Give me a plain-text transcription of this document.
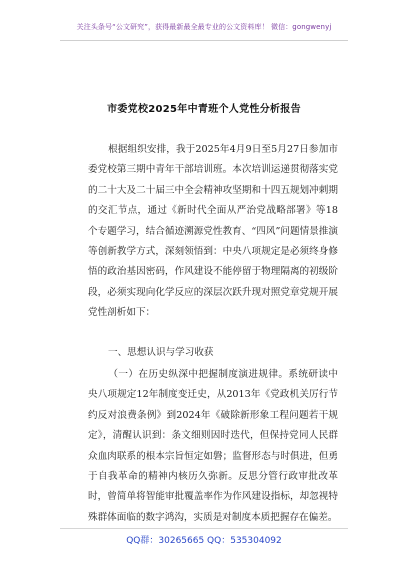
关注头条号“公文研究”，获得最新最全最专业的公文资料库！ 微信：gongwenyj
市委党校2025年中青班个人党性分析报告

根据组织安排，我于2025年4月9日至5月27日参加市委党校第三期中青年干部培训班。本次培训运递贯彻落实党的二十大及二十届三中全会精神攻坚期和十四五规划冲刺期的交汇节点，通过《新时代全面从严治党战略部署》等18个专题学习，结合循迹溯源党性教育、“四风”问题情景推演等创新教学方式，深刻领悟到：中央八项规定是必须终身修悟的政治基因密码，作风建设不能停留于物理隔离的初级阶段，必须实现向化学反应的深层次跃升现对照党章党规开展党性剖析如下：

一、思想认识与学习收获

（一）在历史纵深中把握制度演进规律。系统研读中央八项规定12年制度变迁史，从2013年《党政机关厉行节约反对浪费条例》到2024年《破除新形象工程问题若干规定》，清醒认识到：条文细则因时迭代，但保持党同人民群众血肉联系的根本宗旨恒定如磐；监督形态与时俱进，但勇于自我革命的精神内核历久弥新。反思分管行政审批改革时，曾简单将智能审批覆盖率作为作风建设指标，却忽视特殊群体面临的数字鸿沟，实质是对制度本质把握存在偏差。

QQ群：30265665 QQ：535304092
